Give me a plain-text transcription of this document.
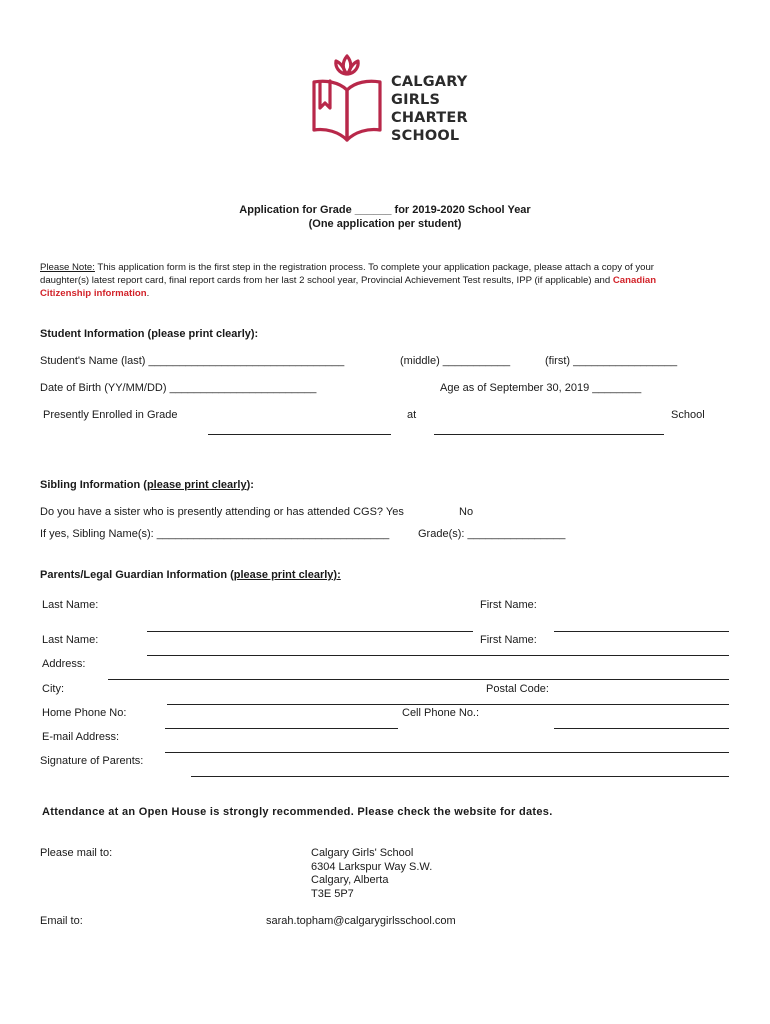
CALGARY
GIRLS
CHARTER
SCHOOL
Application for Grade ______ for 2019-2020 School Year
(One application per student)
Please Note: This application form is the first step in the registration process. To complete your application package, please attach a copy of your daughter(s) latest report card, final report cards from her last 2 school year, Provincial Achievement Test results, IPP (if applicable) and Canadian Citizenship information.
Student Information (please print clearly):
Student's Name (last) ________________________________	(middle) ___________	(first) _________________
Date of Birth (YY/MM/DD) ________________________	Age as of September 30, 2019 ________
Presently Enrolled in Grade	at	School
Sibling Information (please print clearly):
Do you have a sister who is presently attending or has attended CGS? Yes	No
If yes, Sibling Name(s): ______________________________________	Grade(s): ________________
Parents/Legal Guardian Information (please print clearly):
Last Name:	First Name:
Last Name:	First Name:
Address:
City:	Postal Code:
Home Phone No:	Cell Phone No.:
E-mail Address:
Signature of Parents:
Attendance at an Open House is strongly recommended. Please check the website for dates.
Please mail to:	Calgary Girls' School
6304 Larkspur Way S.W.
Calgary, Alberta
T3E 5P7
Email to:	sarah.topham@calgarygirlsschool.com
